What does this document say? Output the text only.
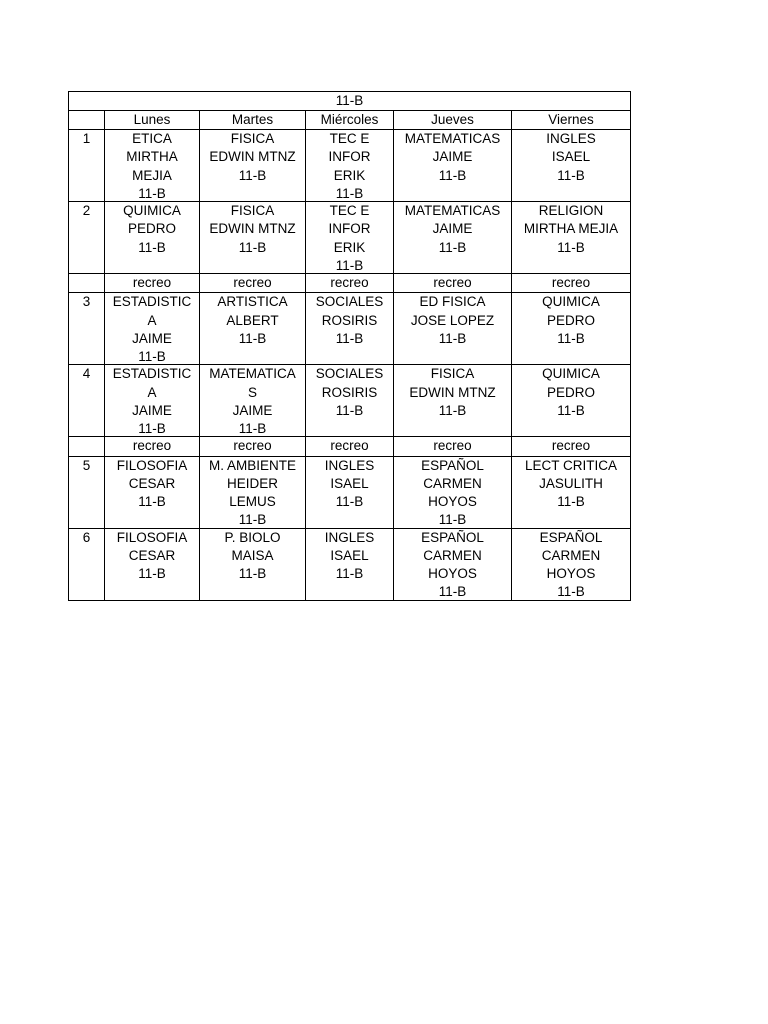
11-B					
	Lunes	Martes	Miércoles	Jueves	Viernes

1	ETICA
MIRTHA
MEJIA
11-B	FISICA
EDWIN MTNZ
11-B	TEC E
INFOR
ERIK
11-B	MATEMATICAS
JAIME
11-B	INGLES
ISAEL
11-B

2	QUIMICA
PEDRO
11-B	FISICA
EDWIN MTNZ
11-B	TEC E
INFOR
ERIK
11-B	MATEMATICAS
JAIME
11-B	RELIGION
MIRTHA MEJIA
11-B

	recreo	recreo	recreo	recreo	recreo

3	ESTADISTIC
A
JAIME
11-B	ARTISTICA
ALBERT
11-B	SOCIALES
ROSIRIS
11-B	ED FISICA
JOSE LOPEZ
11-B	QUIMICA
PEDRO
11-B

4	ESTADISTIC
A
JAIME
11-B	MATEMATICA
S
JAIME
11-B	SOCIALES
ROSIRIS
11-B	FISICA
EDWIN MTNZ
11-B	QUIMICA
PEDRO
11-B

	recreo	recreo	recreo	recreo	recreo

5	FILOSOFIA
CESAR
11-B	M. AMBIENTE
HEIDER
LEMUS
11-B	INGLES
ISAEL
11-B	ESPAÑOL
CARMEN
HOYOS
11-B	LECT CRITICA
JASULITH
11-B

6	FILOSOFIA
CESAR
11-B	P. BIOLO
MAISA
11-B	INGLES
ISAEL
11-B	ESPAÑOL
CARMEN
HOYOS
11-B	ESPAÑOL
CARMEN
HOYOS
11-B
